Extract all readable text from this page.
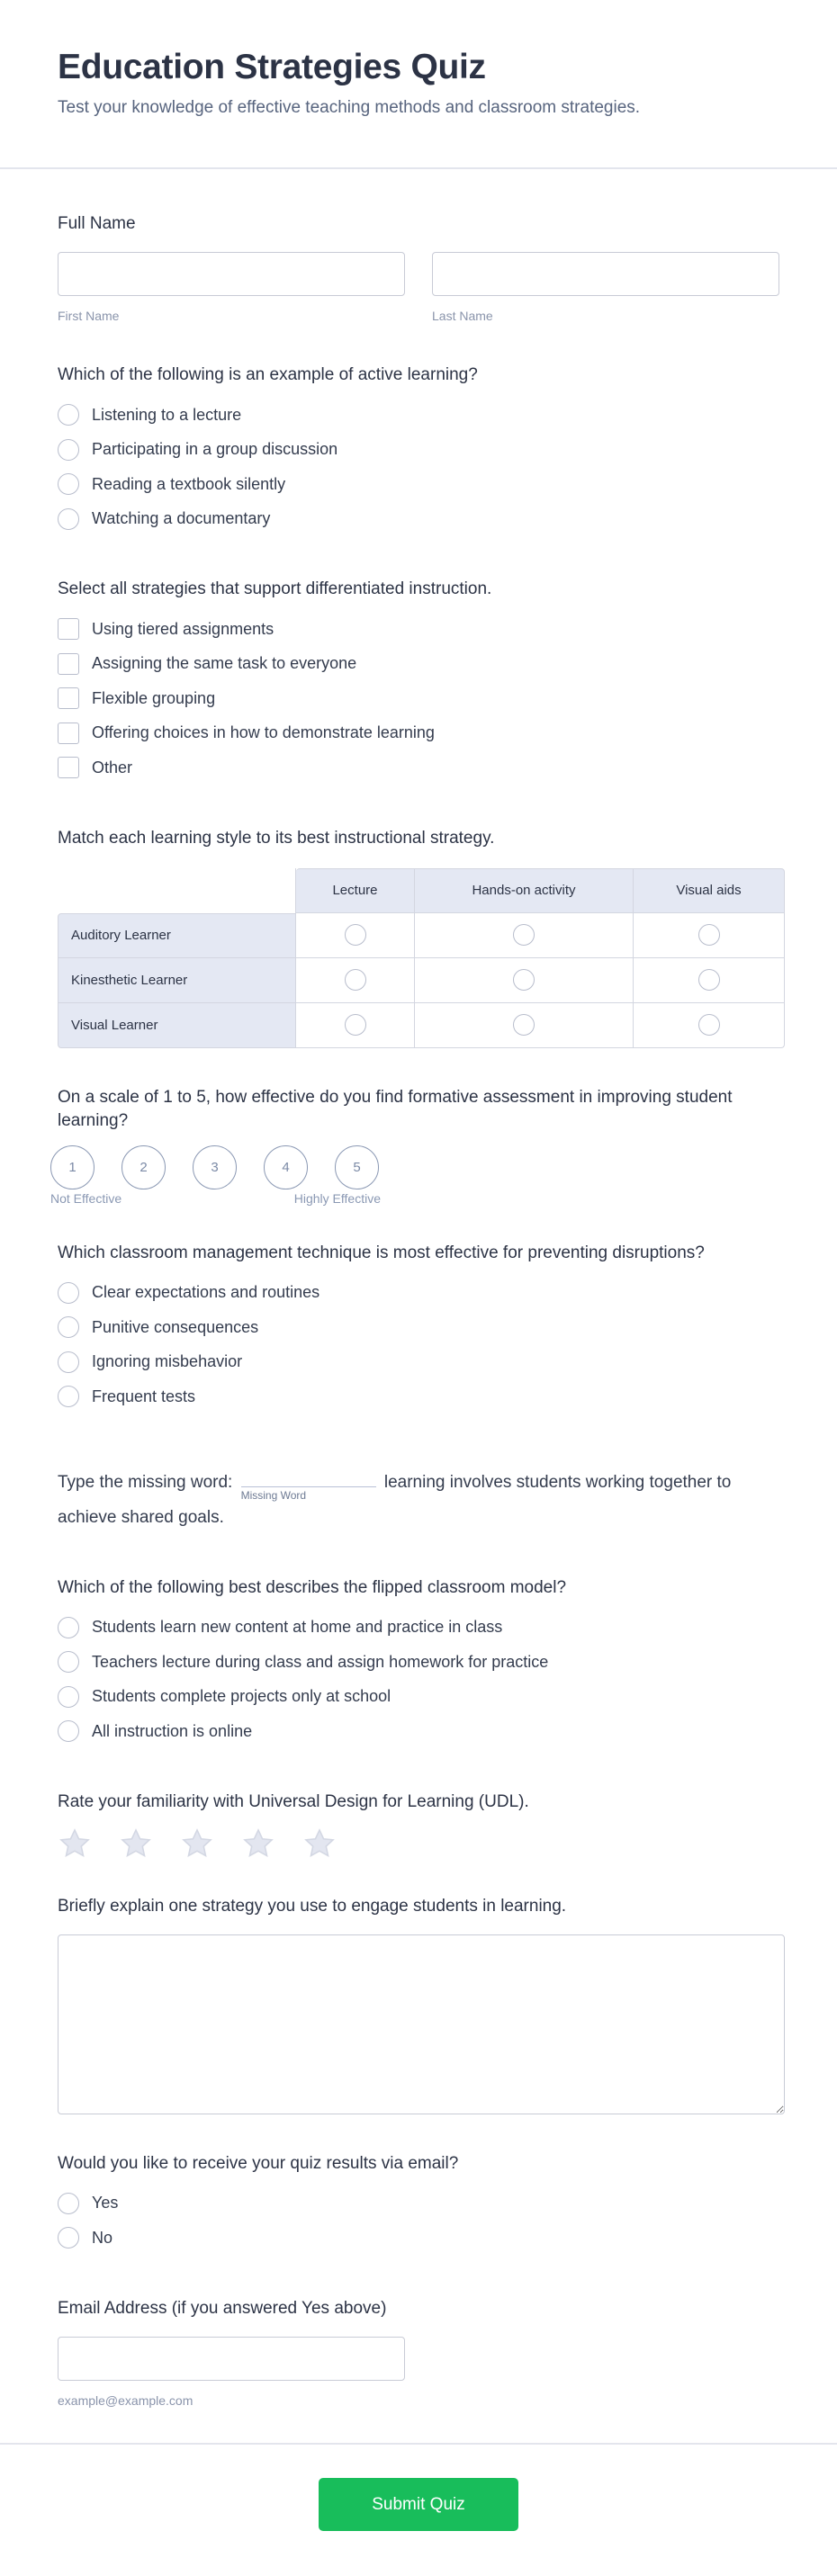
Education Strategies Quiz

Test your knowledge of effective teaching methods and classroom strategies.

Full Name
First Name	Last Name
Which of the following is an example of active learning?
Listening to a lecture
Participating in a group discussion
Reading a textbook silently
Watching a documentary
Select all strategies that support differentiated instruction.
Using tiered assignments
Assigning the same task to everyone
Flexible grouping
Offering choices in how to demonstrate learning
Other
Match each learning style to its best instructional strategy.
	Lecture	Hands-on activity	Visual aids
Auditory Learner			
Kinesthetic Learner			
Visual Learner			
On a scale of 1 to 5, how effective do you find formative assessment in improving student learning?
1	2	3	4	5
Not Effective	Highly Effective
Which classroom management technique is most effective for preventing disruptions?
Clear expectations and routines
Punitive consequences
Ignoring misbehavior
Frequent tests
Type the missing word:
Missing Word
learning involves students working together to achieve shared goals.
Which of the following best describes the flipped classroom model?
Students learn new content at home and practice in class
Teachers lecture during class and assign homework for practice
Students complete projects only at school
All instruction is online
Rate your familiarity with Universal Design for Learning (UDL).
Briefly explain one strategy you use to engage students in learning.
Would you like to receive your quiz results via email?
Yes
No
Email Address (if you answered Yes above)
example@example.com
Submit Quiz
